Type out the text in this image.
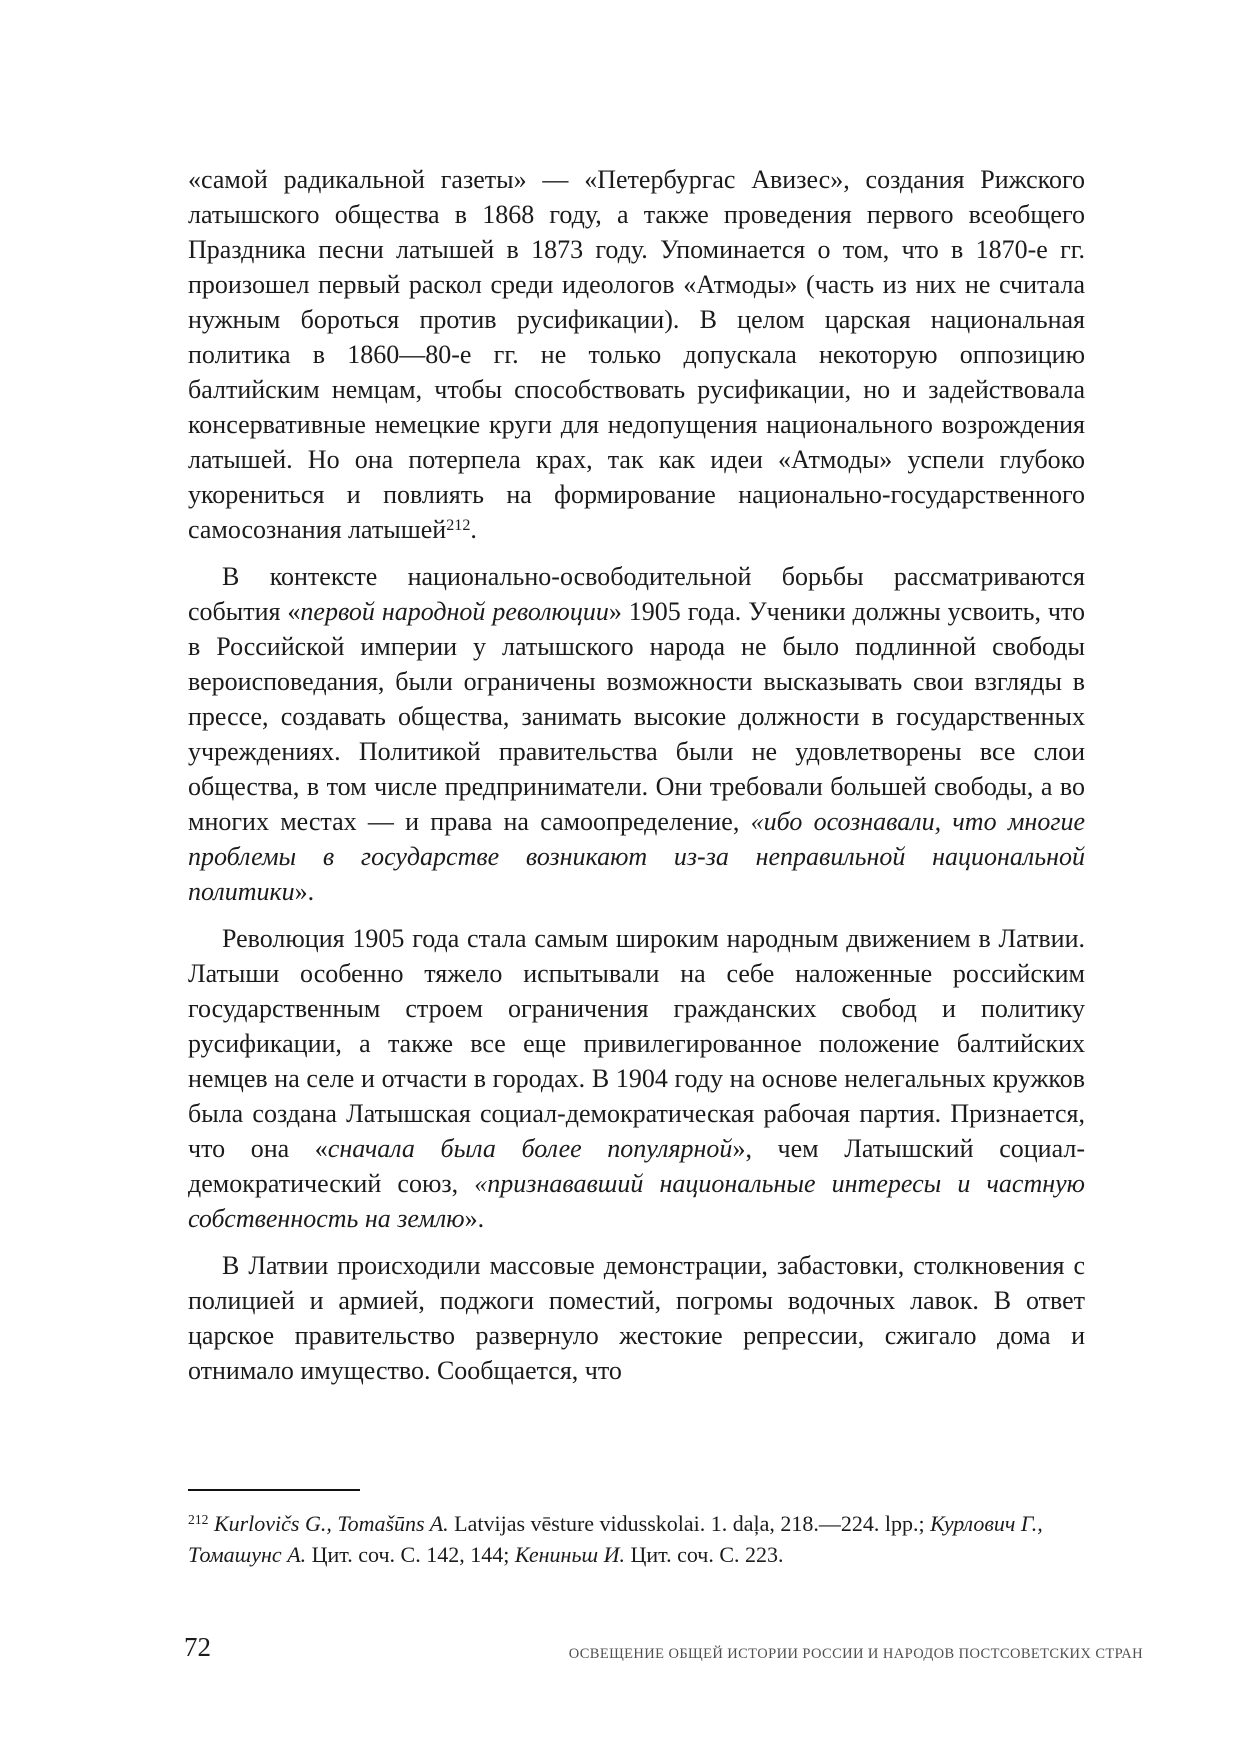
«самой радикальной газеты» — «Петербургас Авизес», создания Рижского латышского общества в 1868 году, а также проведения первого всеобщего Праздника песни латышей в 1873 году. Упоминается о том, что в 1870-е гг. произошел первый раскол среди идеологов «Атмоды» (часть из них не считала нужным бороться против русификации). В целом царская национальная политика в 1860—80-е гг. не только допускала некоторую оппозицию балтийским немцам, чтобы способствовать русификации, но и задействовала консервативные немецкие круги для недопущения национального возрождения латышей. Но она потерпела крах, так как идеи «Атмоды» успели глубоко укорениться и повлиять на формирование национально-государственного самосознания латышей$^{212}$.

В контексте национально-освободительной борьбы рассматриваются события «первой народной революции» 1905 года. Ученики должны усвоить, что в Российской империи у латышского народа не было подлинной свободы вероисповедания, были ограничены возможности высказывать свои взгляды в прессе, создавать общества, занимать высокие должности в государственных учреждениях. Политикой правительства были не удовлетворены все слои общества, в том числе предприниматели. Они требовали большей свободы, а во многих местах — и права на самоопределение, «ибо осознавали, что многие проблемы в государстве возникают из-за неправильной национальной политики».

Революция 1905 года стала самым широким народным движением в Латвии. Латыши особенно тяжело испытывали на себе наложенные российским государственным строем ограничения гражданских свобод и политику русификации, а также все еще привилегированное положение балтийских немцев на селе и отчасти в городах. В 1904 году на основе нелегальных кружков была создана Латышская социал-демократическая рабочая партия. Признается, что она «сначала была более популярной», чем Латышский социал-демократический союз, «признававший национальные интересы и частную собственность на землю».

В Латвии происходили массовые демонстрации, забастовки, столкновения с полицией и армией, поджоги поместий, погромы водочных лавок. В ответ царское правительство развернуло жестокие репрессии, сжигало дома и отнимало имущество. Сообщается, что

$^{212}$ Kurlovičs G., Tomašūns A. Latvijas vēsture vidusskolai. 1. daļa, 218.—224. lpp.; Курлович Г., Томашунс А. Цит. соч. С. 142, 144; Кениньш И. Цит. соч. С. 223.
72	ОСВЕЩЕНИЕ ОБЩЕЙ ИСТОРИИ РОССИИ И НАРОДОВ ПОСТСОВЕТСКИХ СТРАН
